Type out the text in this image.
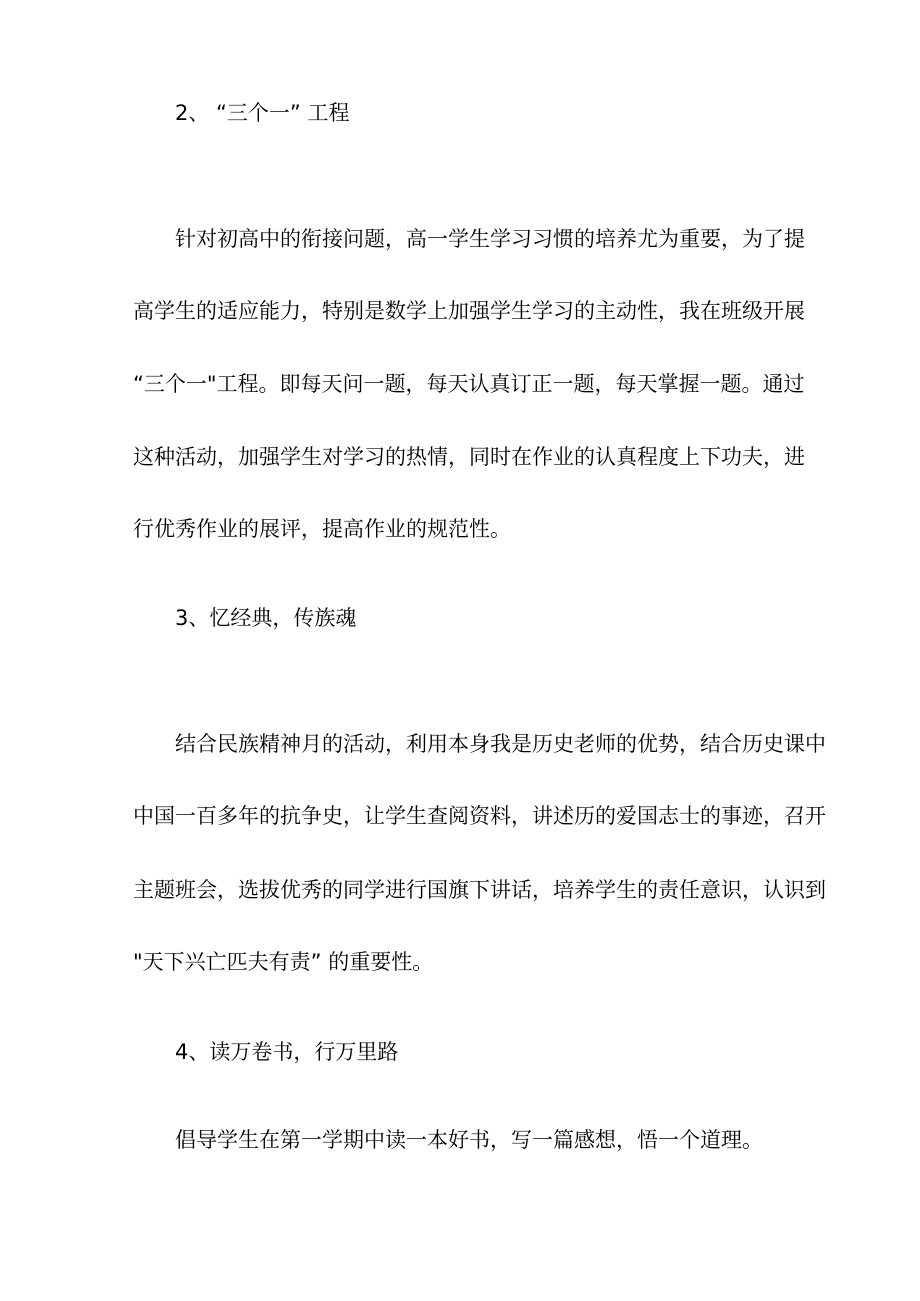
2、 “三个一” 工程
针对初高中的衔接问题，高一学生学习习惯的培养尤为重要，为了提
高学生的适应能力，特别是数学上加强学生学习的主动性，我在班级开展
“三个一"工程。即每天问一题，每天认真订正一题，每天掌握一题。通过
这种活动，加强学生对学习的热情，同时在作业的认真程度上下功夫，进
行优秀作业的展评，提高作业的规范性。
3、忆经典，传族魂
结合民族精神月的活动，利用本身我是历史老师的优势，结合历史课中
中国一百多年的抗争史，让学生查阅资料，讲述历的爱国志士的事迹，召开
主题班会，选拔优秀的同学进行国旗下讲话，培养学生的责任意识，认识到
"天下兴亡匹夫有责” 的重要性。
4、读万卷书，行万里路
倡导学生在第一学期中读一本好书，写一篇感想，悟一个道理。
